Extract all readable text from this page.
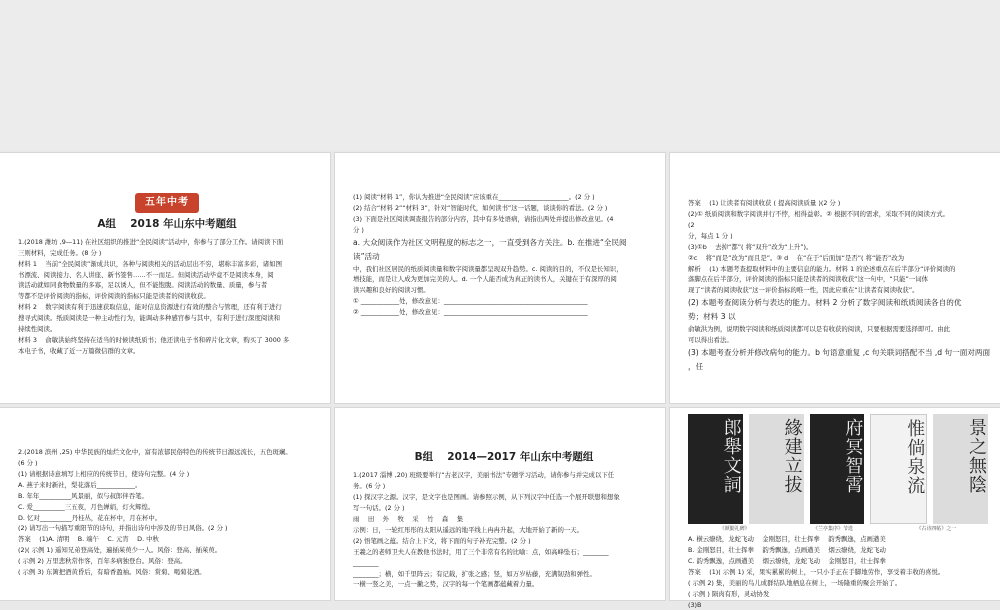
五年中考

A组　 2018 年山东中考题组

1.(2018 潍坊 ,9—11) 在社区组织的推进“全民阅读”活动中，你参与了部分工作。请阅读下面

三则材料，完成任务。(8 分 )

材料 1　 当前“全民阅读”渐成共识，各种与阅读相关的活动层出不穷，堪称丰富多彩，诸如图

书漂流、阅读接力、名人讲座、新书签售……不一而足。但阅读活动毕竟不是阅读本身，阅

读活动就如同食物数量的多寡，足以诱人，但不能饱腹。阅读活动的数量、质量，参与者

等都不是评价阅读的指标，评价阅读的指标只能是读者的阅读收获。

材料 2　 数字阅读有利于迅速获取信息，能对信息资源进行有效的整合与管理，还有利于进行

搜寻式阅读。纸质阅读是一种主动性行为，能调动多种感官参与其中，有利于进行深度阅读和

持续性阅读。

材料 3　 俞敏洪始终坚持在适当的时候读纸质书；他还读电子书和碎片化文章，购买了 3000 多

本电子书，收藏了近一万篇微信群的文章。

(1) 阅读“材料 1”，你认为推进“全民阅读”应该重在______________________。(2 分 )

(2) 结合“材料 2”“材料 3”，针对“智能时代，如何读书”这一话题，谈谈你的看法。(2 分 )

(3) 下面是社区阅读调查报告的部分内容，其中有多处语病，请指出两处并提出修改意见。(4

分 )

a. 大众阅读作为社区文明程度的标志之一，一直受到各方关注。b. 在推进“全民阅

读”活动

中，我们社区居民的纸质阅读量和数字阅读量都呈现双升趋势。c. 阅读的目的，不仅是长知识，

增技能，而是让人成为更加完美的人。d. 一个人能否成为真正的读书人，关键在于有深厚的阅

读兴趣和良好的阅读习惯。

① ____________处，修改意见：_____________________________________________

② ____________处，修改意见：_____________________________________________

答案　 (1) 让读者有阅读收获 ( 提高阅读质量 )(2 分 )

(2)① 纸质阅读和数字阅读并行不悖，相得益彰。② 根据不同的需求，采取不同的阅读方式。

(2

分，每点 1 分 )

(3)①b　 去掉“都”( 将“双升”改为“上升”)。

②c　 将“而是”改为“而且是”。③ d　 在“在于”后面加“是否”( 将“能否”改为

解析　 (1) 本题考查提取材料中的主要信息的能力。材料 1 的论述重点在后半部分“评价阅读的

落脚点在后半部分，评价阅读的指标只能是读者的阅读收获”这一句中，“只能”一词体

现了“读者的阅读收获”这一评价指标的唯一性，因此应重在“让读者有阅读收获”。

(2) 本题考查阅读分析与表达的能力。材料 2 分析了数字阅读和纸质阅读各自的优

势；材料 3 以

俞敏洪为例，说明数字阅读和纸质阅读都可以是有收获的阅读，只要根据需要选择即可。由此

可以得出看法。

(3) 本题考查分析并修改病句的能力。b 句语意重复 ,c 句关联词搭配不当 ,d 句一面对两面

，任

2.(2018 滨州 ,25) 中华民族的灿烂文化中，富有浓郁民俗特色的传统节日源远流长，五色斑斓。

(6 分 )

(1) 请根据诗意填写上相应的传统节日，使诗句完整。(4 分 )

A. 燕子来时新社，梨花落后____________。

B. 年年__________风景丽，似与叔郎伴吞笔。

C. 爱__________三五夜，月色婵娟，灯火辉煌。

D. 忆对__________丹桂丛，花在杯中，月在杯中。

(2) 请写出一句描写重阳节的诗句，并指出诗句中涉及的节日风俗。(2 分 )

答案　 (1)A. 清明　 B. 端午　 C. 元宵　 D. 中秋

(2)( 示例 1) 遥知兄弟登高处，遍插茱萸少一人。风俗：登高、插茱萸。

( 示例 2) 万里悲秋常作客，百年多病独登台。风俗：登高。

( 示例 3) 东篱把酒黄昏后，有暗香盈袖。风俗：赏菊、喝菊花酒。

B组　 2014—2017 年山东中考题组

1.(2017 淄博 ,20) 班级要举行“古老汉字，美丽书法”专题学习活动，请你参与并完成以下任

务。(6 分 )

(1) 探汉字之源。汉字，是文字也是图画。请参照示例，从下列汉字中任选一个展开联想和想象

写一句话。(2 分 )

雨　 田　 外　 牧　 采　 竹　 森　 集

示例：日，一轮红彤彤的太阳从遥远的地平线上冉冉升起，大地开始了新的一天。

(2) 悟笔画之蕴。结合上下文，将下面的句子补充完整。(2 分 )

王羲之的老师卫夫人在教他书法时，用了三个非常有名的比喻：点，如高峰坠石；________

________

________；横，如千里阵云；有记载，扩张之感；竖，如万岁枯藤，充满韧劲和弹性。

一横一竖之美，一点一撇之势，汉字的每一个笔画都蕴藏着力量。

郎舉文詞	緣建立拔	府冥智霄	惟倘泉流	景之無陰
《颜勤礼碑》	《兰亭集序》节选	《古诗四帖》之一

A. 横云缭绕，龙蛇飞动　 金刚怒目，壮士挥拳　 韵秀飘逸，点画遒美

B. 金刚怒目，壮士挥拳　 韵秀飘逸，点画遒美　 烟云缭绕，龙蛇飞动

C. 韵秀飘逸，点画遒美　 烟云缭绕，龙蛇飞动　 金刚怒目，壮士挥拳

答案　 (1)( 示例 1) 采，果实累累的树上，一只小手正在手脚地劳作，享受着丰收的喜悦。

( 示例 2) 集，美丽的鸟儿成群结队地栖息在树上，一场隆重的聚会开始了。

( 示例 ) 陨肉有形，灵动协发

(3)B
